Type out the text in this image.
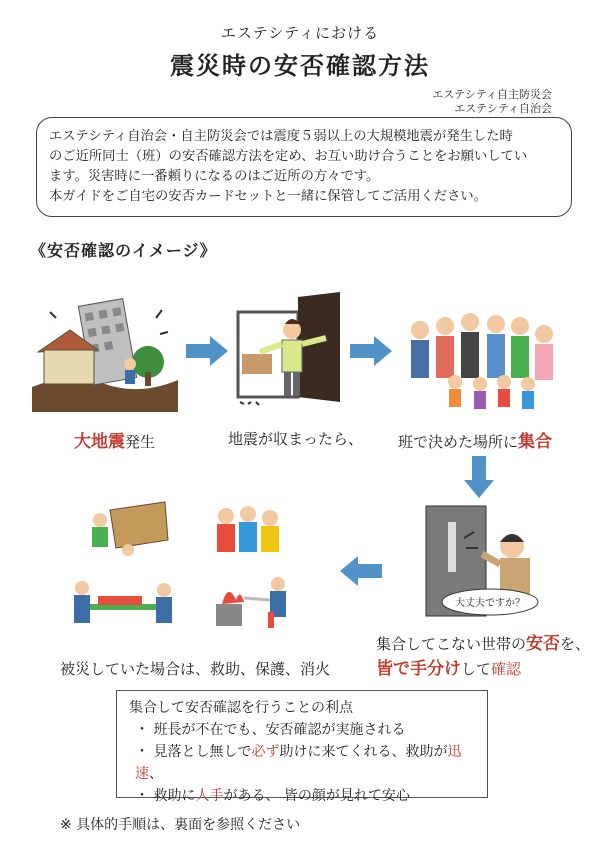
エステシティにおける
震災時の安否確認方法
エステシティ自主防災会
エステシティ自治会

エステシティ自治会・自主防災会では震度５弱以上の大規模地震が発生した時

のご近所同士（班）の安否確認方法を定め、お互い助け合うことをお願いしてい

ます。災害時に一番頼りになるのはご近所の方々です。

本ガイドをご自宅の安否カードセットと一緒に保管してご活用ください。

《安否確認のイメージ》
大地震発生	地震が収まったら、 班で決めた場所に集合
大丈夫ですか？
集合してこない世帯の安否を、
皆で手分けして確認
被災していた場合は、救助、保護、消火
集合して安否確認を行うことの利点
・ 班長が不在でも、安否確認が実施される
・ 見落とし無しで必ず助けに来てくれる、救助が迅速、
・ 救助に人手がある、 皆の顔が見れて安心
※ 具体的手順は、裏面を参照ください
